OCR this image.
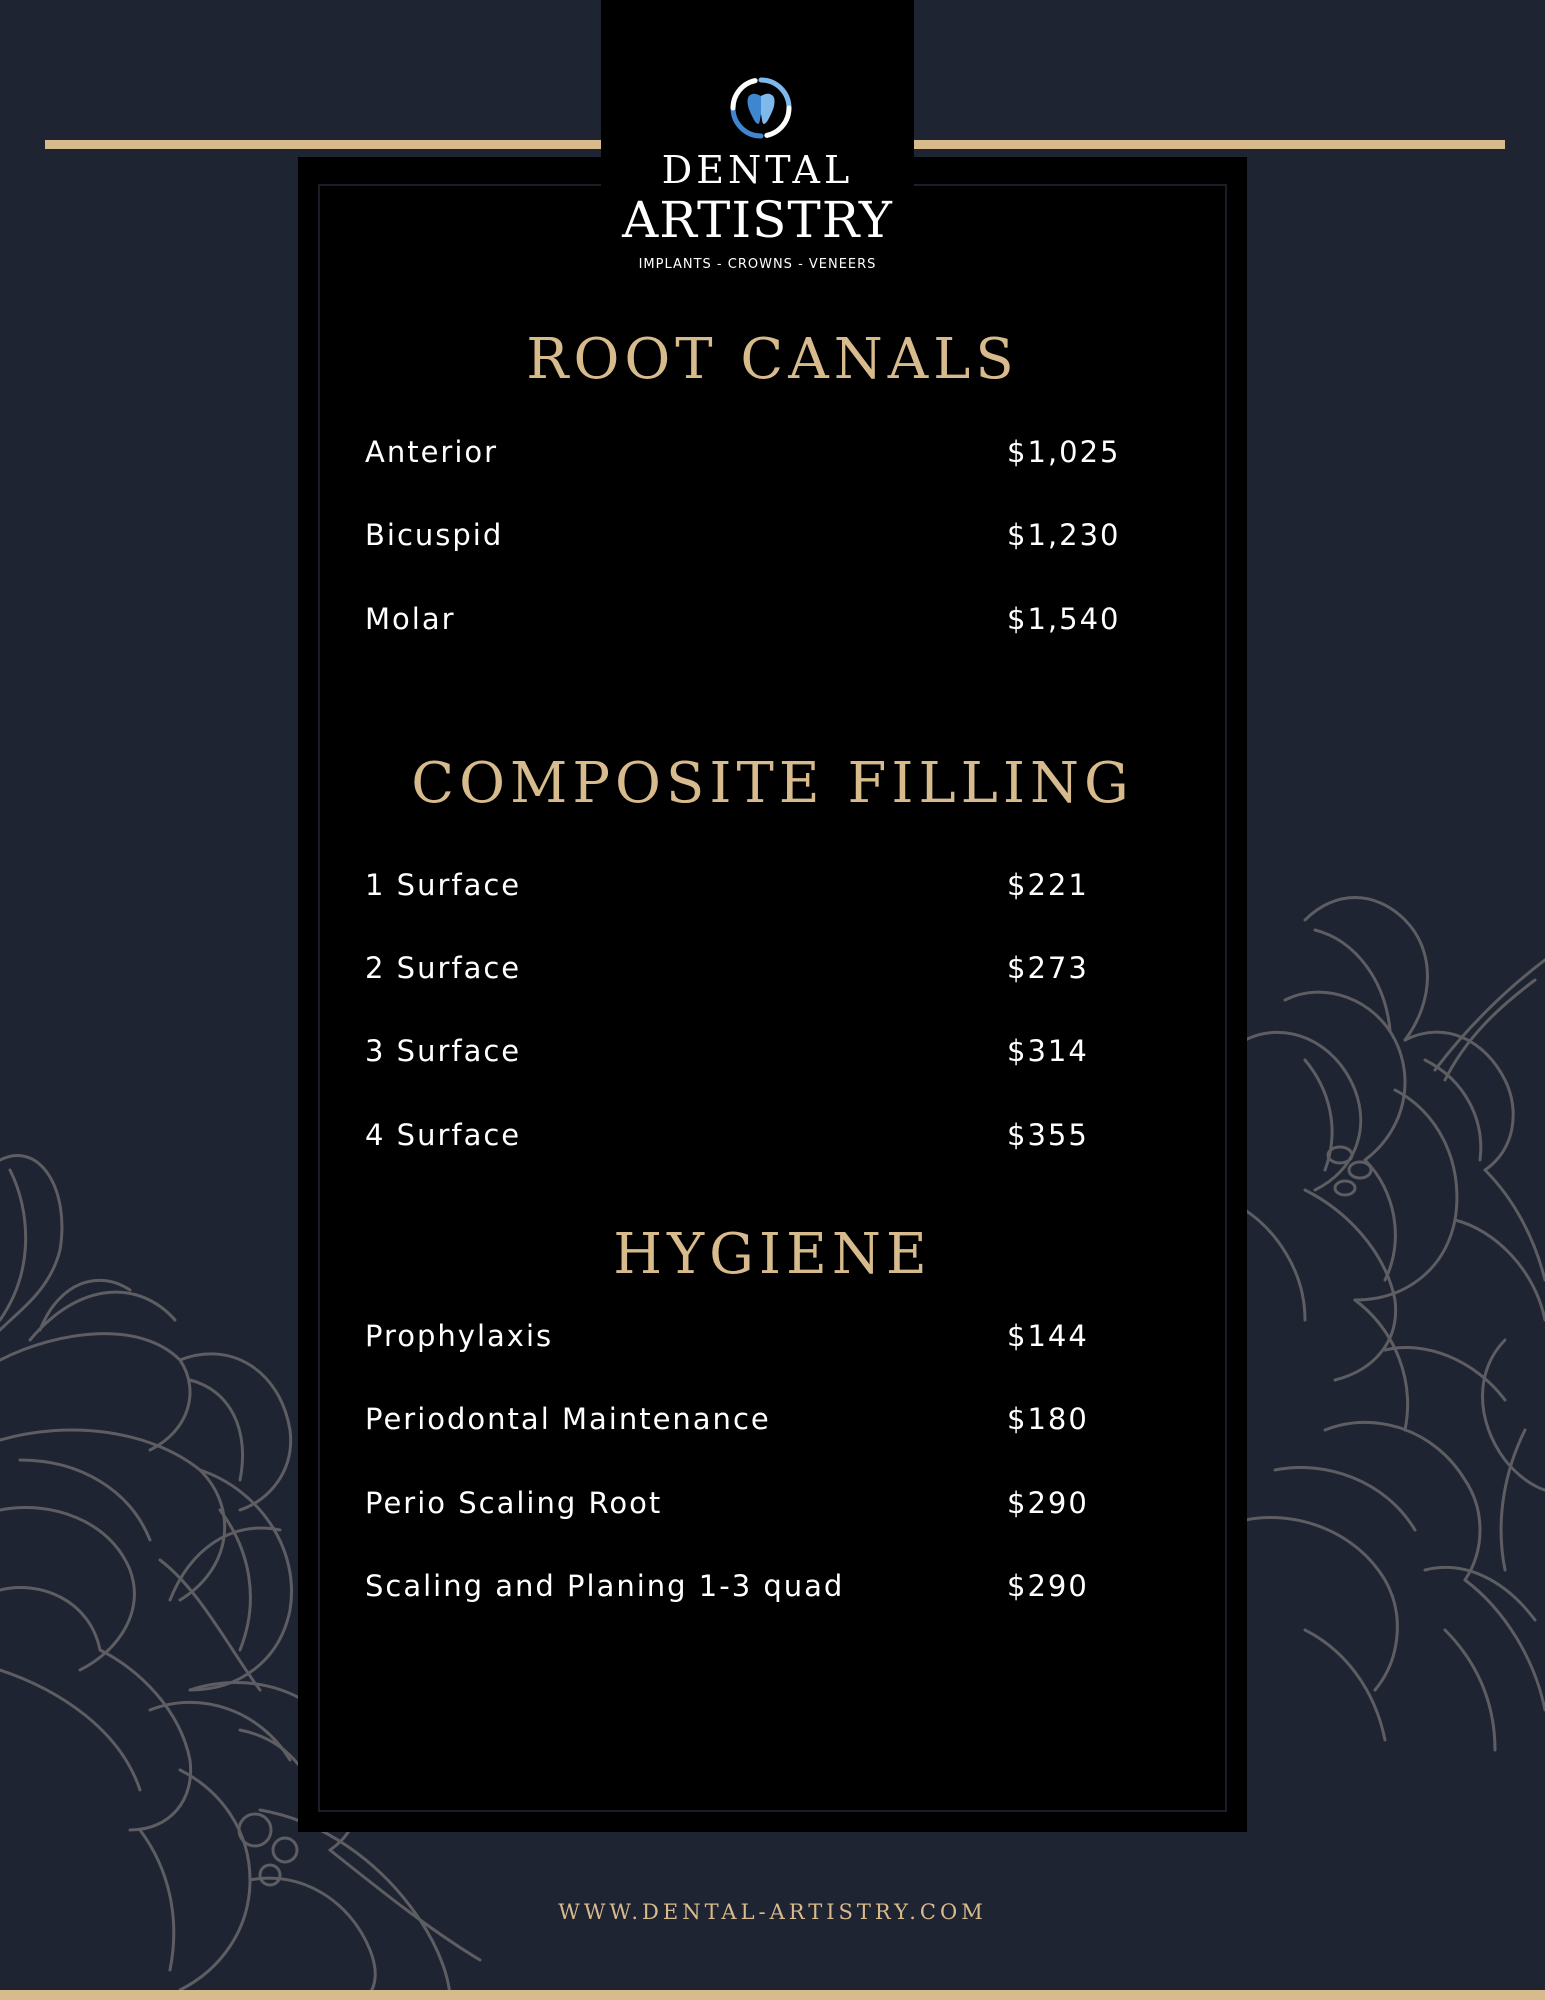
DENTAL
ARTISTRY
IMPLANTS - CROWNS - VENEERS
ROOT CANALS
Anterior	$1,025
Bicuspid	$1,230
Molar	$1,540
COMPOSITE FILLING
1 Surface	$221
2 Surface	$273
3 Surface	$314
4 Surface	$355
HYGIENE
Prophylaxis	$144
Periodontal Maintenance	$180
Perio Scaling Root	$290
Scaling and Planing 1-3 quad	$290
WWW.DENTAL-ARTISTRY.COM
